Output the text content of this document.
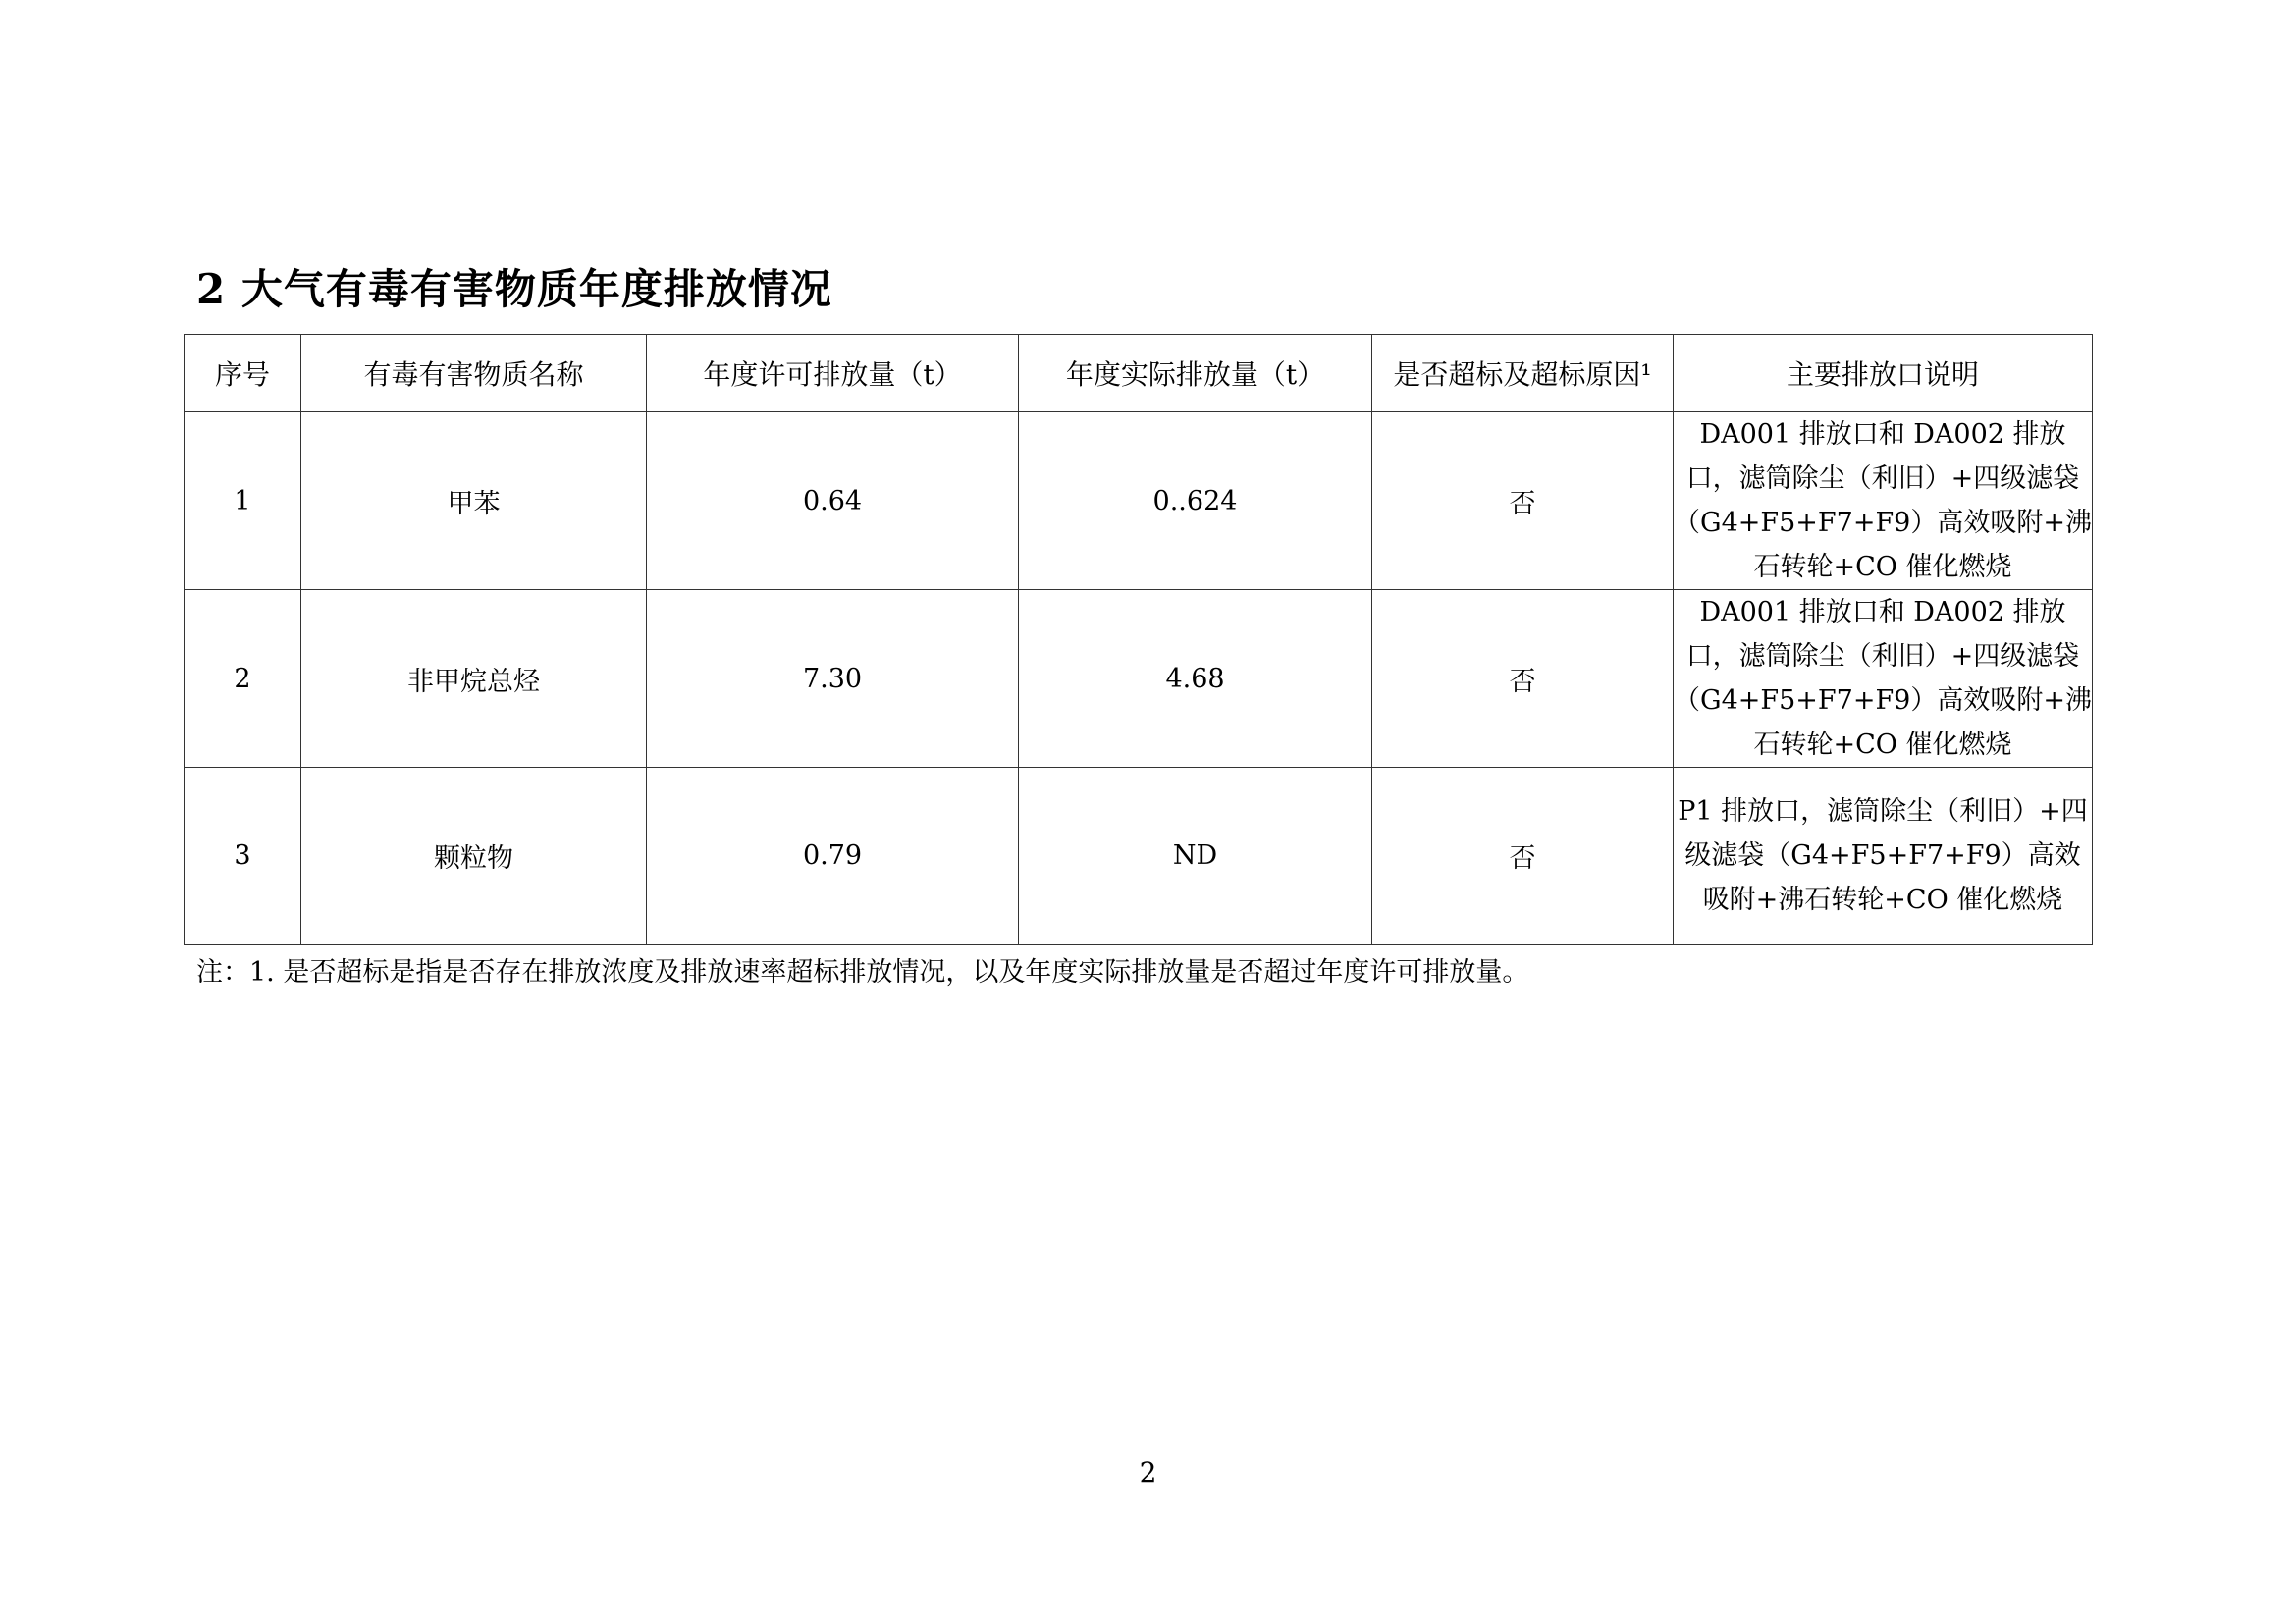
2 大气有毒有害物质年度排放情况
序号	有毒有害物质名称	年度许可排放量（t）	年度实际排放量（t）	是否超标及超标原因¹	主要排放口说明
1	甲苯	0.64	0..624	否	DA001 排放口和 DA002 排放口，滤筒除尘（利旧）+四级滤袋（G4+F5+F7+F9）高效吸附+沸石转轮+CO 催化燃烧
2	非甲烷总烃	7.30	4.68	否	DA001 排放口和 DA002 排放口，滤筒除尘（利旧）+四级滤袋（G4+F5+F7+F9）高效吸附+沸石转轮+CO 催化燃烧
3	颗粒物	0.79	ND	否	P1 排放口，滤筒除尘（利旧）+四级滤袋（G4+F5+F7+F9）高效吸附+沸石转轮+CO 催化燃烧

注：1. 是否超标是指是否存在排放浓度及排放速率超标排放情况，以及年度实际排放量是否超过年度许可排放量。

2
